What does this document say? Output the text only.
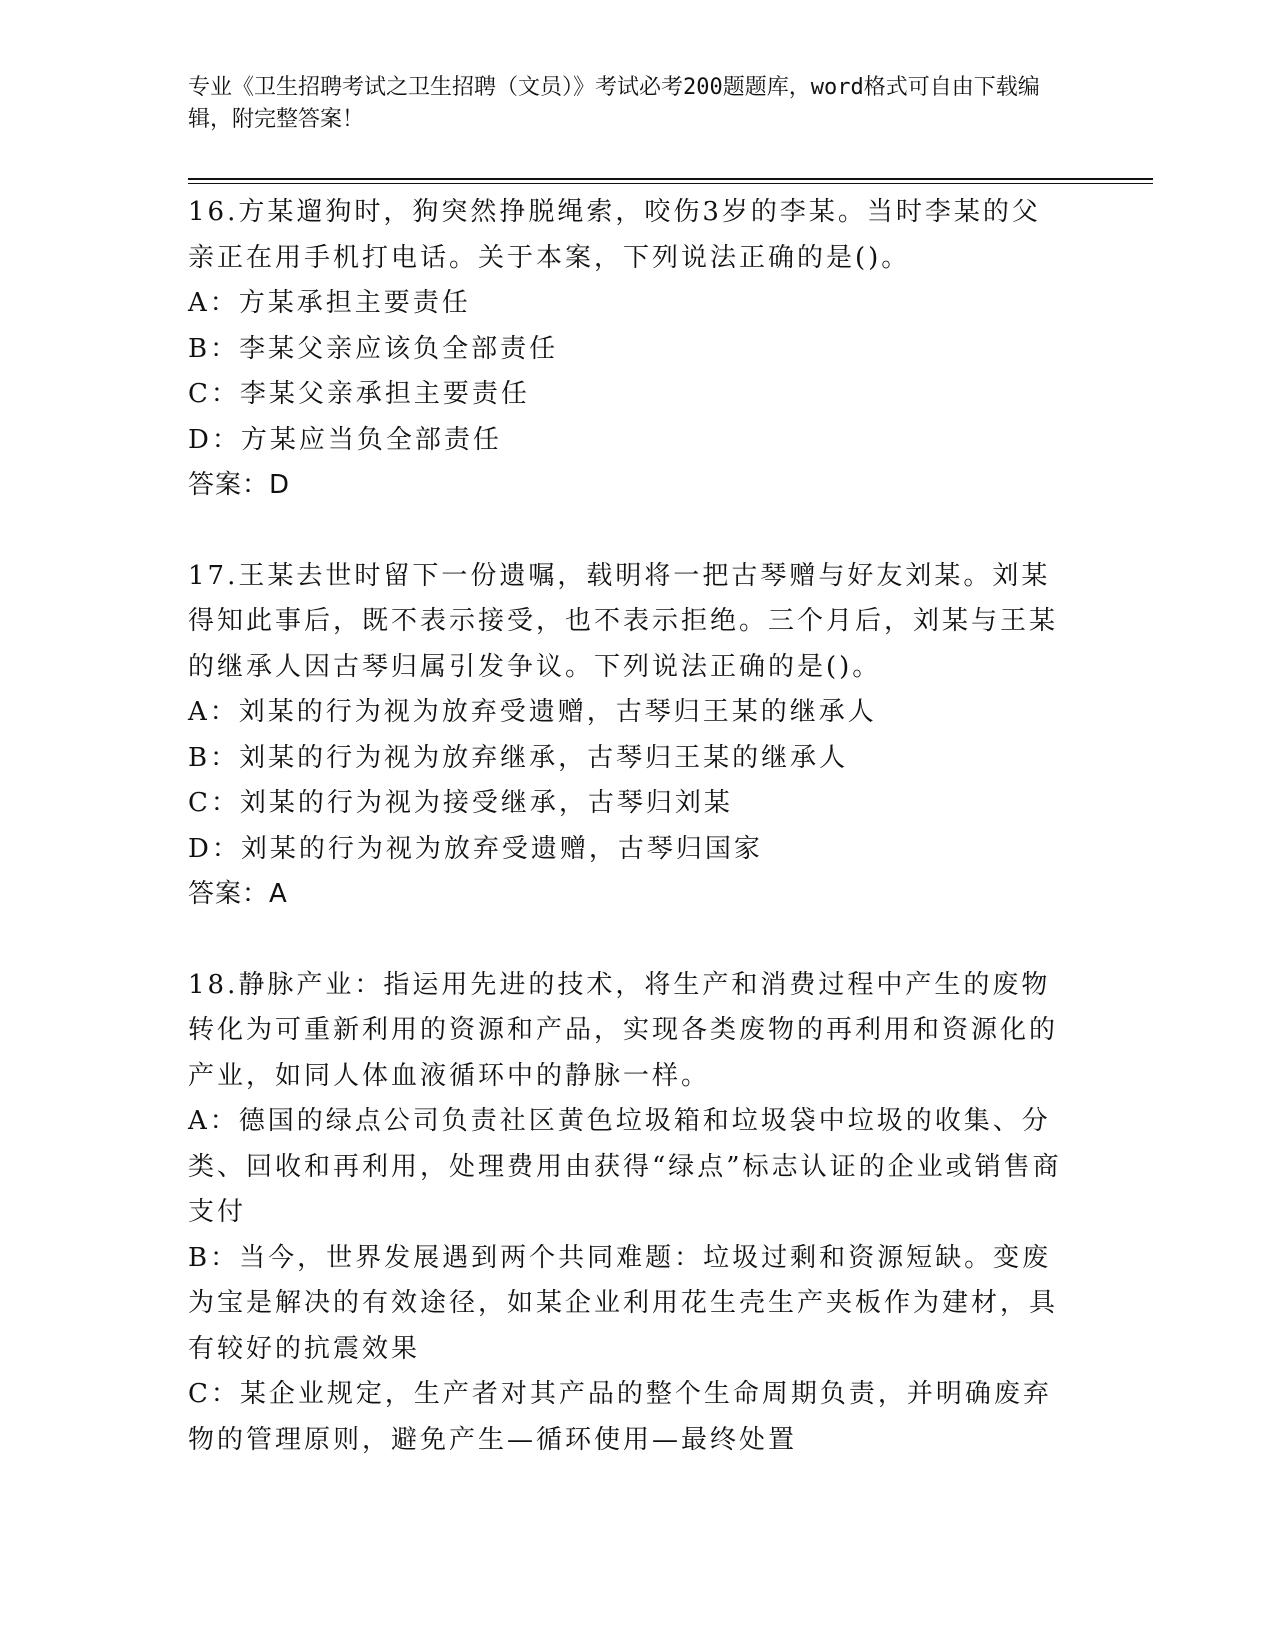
专业《卫生招聘考试之卫生招聘（文员）》考试必考200题题库，word格式可自由下载编辑，附完整答案！

16.方某遛狗时，狗突然挣脱绳索，咬伤3岁的李某。当时李某的父亲正在用手机打电话。关于本案，下列说法正确的是()。

A：方某承担主要责任

B：李某父亲应该负全部责任

C：李某父亲承担主要责任

D：方某应当负全部责任

答案：D

17.王某去世时留下一份遗嘱，载明将一把古琴赠与好友刘某。刘某得知此事后，既不表示接受，也不表示拒绝。三个月后，刘某与王某的继承人因古琴归属引发争议。下列说法正确的是()。

A：刘某的行为视为放弃受遗赠，古琴归王某的继承人

B：刘某的行为视为放弃继承，古琴归王某的继承人

C：刘某的行为视为接受继承，古琴归刘某

D：刘某的行为视为放弃受遗赠，古琴归国家

答案：A

18.静脉产业：指运用先进的技术，将生产和消费过程中产生的废物转化为可重新利用的资源和产品，实现各类废物的再利用和资源化的产业，如同人体血液循环中的静脉一样。

A：德国的绿点公司负责社区黄色垃圾箱和垃圾袋中垃圾的收集、分类、回收和再利用，处理费用由获得“绿点”标志认证的企业或销售商支付

B：当今，世界发展遇到两个共同难题：垃圾过剩和资源短缺。变废为宝是解决的有效途径，如某企业利用花生壳生产夹板作为建材，具有较好的抗震效果

C：某企业规定，生产者对其产品的整个生命周期负责，并明确废弃物的管理原则，避免产生—循环使用—最终处置
